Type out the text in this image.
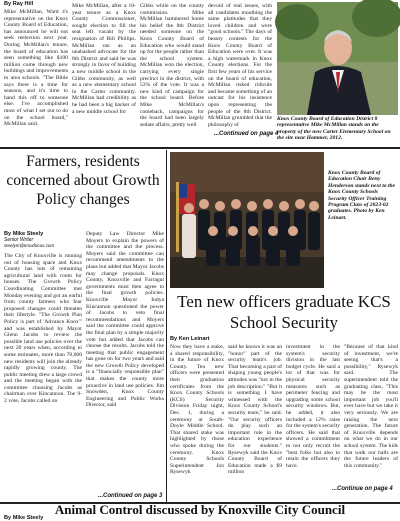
By Ray Hill
Mike McMillan, Ward 4's representative on the Knox County Board of Education, has announced he will not seek reelection next year. During McMillan's tenure, the board of education has seen something like $100 million come through new buildings and improvements to area schools. "The Bible says there is a time for seasons, and it's time to hand this off to someone else. I've accomplished most of what I set out to do on the school board," McMillan said.
Mike McMillan, after a 10-year tenure as a Knox County Commissioner, sought election to fill the seat left vacant by the resignation of Bill Phillips. McMillan ran as an unabashed advocate for the 8th District and said he was strongly in favor of building a new middle school in the Gibbs community, as well as a new elementary school in the Carter community. McMillan had credibility as he had been a big backer of a new middle school for
Gibbs while on the county commission. Mike McMillan hammered home his belief the 8th District needed someone on the Knox County Board of Education who would stand up for the people rather than the school system. McMillan won the election, carrying every single precinct in the district, with 53% of the vote. It was a new kind of campaign for the school board. Before Mike McMillan's comeback, campaigns for the board had been largely sedate affairs, pretty well
devoid of real issues, with all candidates mouthing the same platitudes that they loved children and were "good schools." The days of beauty contests for the Knox County Board of Education were over. It was a high watermark in Knox County elections. For the first few years of his service on the board of education, McMillan risked ridicule and became something of an outcast for his insistence upon representing the people of the 8th District. McMillan grumbled that the philosophy of
...Continued on page 4
Knox County Board of Education District 8 representative Mike McMillan stands on the property of the new Carter Elementary School on the site near Hammer, 2012.
Farmers, residents concerned about Growth Policy changes
By Mike Steely
Senior Writer
steelym@knoxfocus.com
The City of Knoxville is running out of housing space and Knox County has lots of remaining agricultural land with room for houses. The Growth Policy Coordinating Committee met Monday evening and got an earful from county farmers who fear proposed changes could threaten their lifestyle. "The Growth Plan Policy is part of 'Advance Knox'" and was established by Mayor Glenn Jacobs to review the possible land use policies over the next 20 years when, according to some estimates, more than 70,000 new residents will join the already rapidly growing county. The public meeting drew a large crowd and the meeting began with the committee choosing Jacobs as chairman over Kincannon. The 9-2 vote, Jacobs called on
Deputy Law Director Mike Moyers to explain the powers of the committee and the process. Moyers said the committee can recommend amendments to the plans but added that Mayor Jacobs may change proposals. Knox County, Knoxville and Farragut governments must then agree to the final growth policies. Knoxville Mayor Indya Kincannon questioned the power of Jacobs to veto final recommendations and Moyers said the committee could approve the final plan by a simple majority vote but added that Jacobs can choose the results. Jacobs told the meeting that public engagement has gone on for two years and said the new Growth Policy developed is a "financially responsible plan" that makes the county more proactive in land use policies. Jim Snowden, Knox County Engineering and Public Works Director, said
...Continued on page 3
Knox County Board of Education Chair Betsy Henderson stands next to the Knox County Schools Security Officer Training Program Class of 2023-02 graduates. Photo by Ken Leinart.
Ten new officers graduate KCS School Security
By Ken Leinart
Now they have a stake, a shared responsibility, in the future of Knox County. Ten new officers were presented their graduation certificates from the Knox County Schools (KCS) Security Division Friday night, Dec. 1, during a ceremony at South-Doyle Middle School. That shared stake was highlighted by those who spoke during the ceremony. Knox County Schools Superintendent Jon Rysewyk
said he knows it was an "honor" part of the security team's job. That becoming a part of shaping young people's attitudes was "not in the job description." "But it is something I have witnessed with the Knox County School's security team," he said. "Our security officers do play such an important role in the education experience for our students." Rysewyk said the Knox County Board of Education made a $9 million
investment in the system's security division in the last budget cycle. He said a lot of that was for physical security measures such as perimeter fencing and upgrading some school security windows. But, he added, it also included a 12% raise for the system's security officers. He said that showed a commitment to not only recruit the "best folks but also to retain the officers they have.
"Because of that kind of investment, we're seeing that's a possibility," Rysewyk said. The superintendent told the graduating class, "This may be the most important job you'll ever have but we take it very seriously. We are raising the next generation. The future of Knoxville depends on what we do in our school system. The kids that walk our halls are the future leaders of this community."
...Continue on page 4
Animal Control discussed by Knoxville City Council
By Mike Steely
